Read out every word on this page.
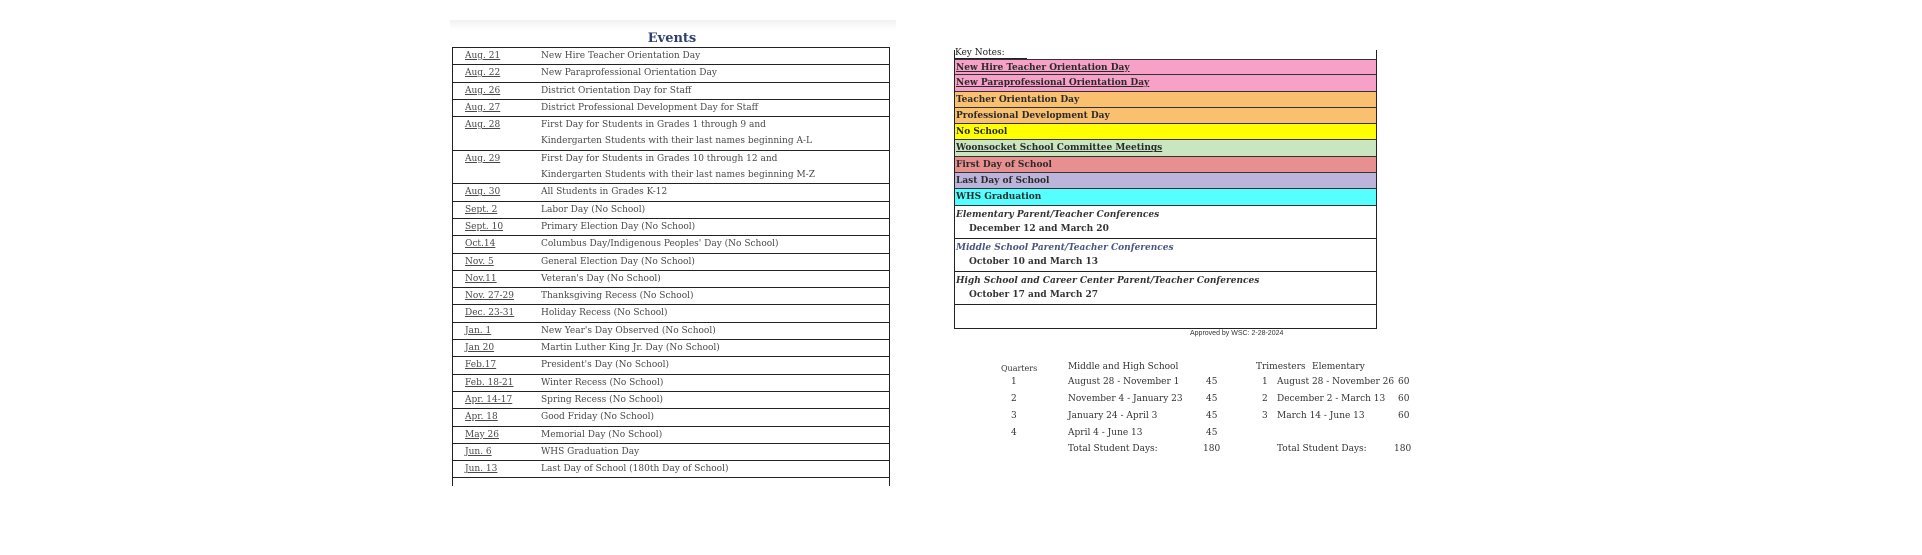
Events
Aug. 21	New Hire Teacher Orientation Day
Aug. 22	New Paraprofessional Orientation Day
Aug. 26	District Orientation Day for Staff
Aug. 27	District Professional Development Day for Staff
Aug. 28	First Day for Students in Grades 1 through 9 and
Kindergarten Students with their last names beginning A-L
Aug. 29	First Day for Students in Grades 10 through 12 and
Kindergarten Students with their last names beginning M-Z
Aug. 30	All Students in Grades K-12
Sept. 2	Labor Day (No School)
Sept. 10	Primary Election Day (No School)
Oct.14	Columbus Day/Indigenous Peoples' Day (No School)
Nov. 5	General Election Day (No School)
Nov.11	Veteran's Day (No School)
Nov. 27-29	Thanksgiving Recess (No School)
Dec. 23-31	Holiday Recess (No School)
Jan. 1	New Year's Day Observed (No School)
Jan 20	Martin Luther King Jr. Day (No School)
Feb.17	President's Day (No School)
Feb. 18-21	Winter Recess (No School)
Apr. 14-17	Spring Recess (No School)
Apr. 18	Good Friday (No School)
May 26	Memorial Day (No School)
Jun. 6	WHS Graduation Day
Jun. 13	Last Day of School (180th Day of School)
Key Notes:
New Hire Teacher Orientation Day
New Paraprofessional Orientation Day
Teacher Orientation Day
Professional Development Day
No School
Woonsocket School Committee Meetings
First Day of School
Last Day of School
WHS Graduation
Elementary Parent/Teacher Conferences
December 12 and March 20
Middle School Parent/Teacher Conferences
October 10 and March 13
High School and Career Center Parent/Teacher Conferences
October 17 and March 27
Approved by WSC: 2-28-2024
Quarters	Middle and High School
1	August 28 - November 1	45
2	November 4 - January 23	45
3	January 24 - April 3	45
4	April 4 - June 13	45
Total Student Days:	180
Trimesters Elementary
1 August 28 - November 26 60
2 December 2 - March 13 60
3 March 14 - June 13	60
Total Student Days:	180
